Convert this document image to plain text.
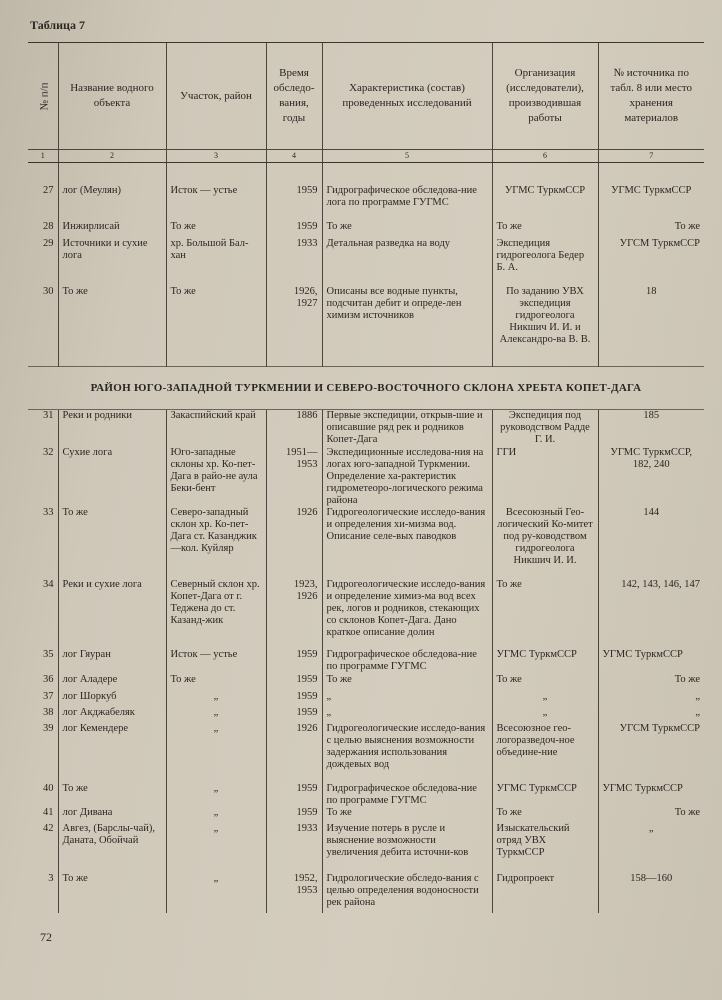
Таблица 7
№ п/п	Название водного объекта	Участок, район	Время обследо-вания, годы	Характеристика (состав) проведенных исследований	Организация (исследователи), производившая работы	№ источника по табл. 8 или место хранения материалов
1	2	3	4	5	6	7

27	лог (Меулян)	Исток — устье	1959	Гидрографическое обследова-ние лога по программе ГУГМС	УГМС ТуркмССР	УГМС ТуркмССР
28	Инжирлисай	То же	1959	То же	То же	То же
29	Источники и сухие лога	хр. Большой Бал-хан	1933	Детальная разведка на воду	Экспедиция гидрогеолога Бедер Б. А.	УГСМ ТуркмССР
30	То же	То же	1926, 1927	Описаны все водные пункты, подсчитан дебит и опреде-лен химизм источников	По заданию УВХ экспедиция гидрогеолога Никшич И. И. и Александро-ва В. В.	18
РАЙОН ЮГО-ЗАПАДНОЙ ТУРКМЕНИИ И СЕВЕРО-ВОСТОЧНОГО СКЛОНА ХРЕБТА КОПЕТ-ДАГА						
31	Реки и родники	Закаспийский край	1886	Первые экспедиции, открыв-шие и описавшие ряд рек и родников Копет-Дага	Экспедиция под руководством Радде Г. И.	185
32	Сухие лога	Юго-западные склоны хр. Ко-пет-Дага в райо-не аула Беки-бент	1951—1953	Экспедиционные исследова-ния на логах юго-западной Туркмении. Определение ха-рактеристик гидрометеоро-логического режима района	ГГИ	УГМС ТуркмССР, 182, 240
33	То же	Северо-западный склон хр. Ко-пет-Дага ст. Казанджик—кол. Куйляр	1926	Гидрогеологические исследо-вания и определения хи-мизма вод. Описание селе-вых паводков	Всесоюзный Гео-логический Ко-митет под ру-ководством гидрогеолога Никшич И. И.	144
34	Реки и сухие лога	Северный склон хр. Копет-Дага от г. Теджена до ст. Казанд-жик	1923, 1926	Гидрогеологические исследо-вания и определение химиз-ма вод всех рек, логов и родников, стекающих со склонов Копет-Дага. Дано краткое описание долин	То же	142, 143, 146, 147
35	лог Гяуран	Исток — устье	1959	Гидрографическое обследова-ние по программе ГУГМС	УГМС ТуркмССР	УГМС ТуркмССР
36	лог Аладере	То же	1959	То же	То же	То же
37	лог Шоркуб	„	1959	„	„	„
38	лог Акджабеляк	„	1959	„	„	„
39	лог Кемендере	„	1926	Гидрогеологические исследо-вания с целью выяснения возможности задержания использования дождевых вод	Всесоюзное гео-логоразведоч-ное объедине-ние	УГСМ ТуркмССР
40	То же	„	1959	Гидрографическое обследова-ние по программе ГУГМС	УГМС ТуркмССР	УГМС ТуркмССР
41	лог Дивана	„	1959	То же	То же	То же
42	Авгез, (Барслы-чай), Даната, Обойчай	„	1933	Изучение потерь в русле и выяснение возможности увеличения дебита источни-ков	Изыскательский отряд УВХ ТуркмССР	„
3	То же	„	1952, 1953	Гидрологические обследо-вания с целью определения водоносности рек района	Гидропроект	158—160
72
